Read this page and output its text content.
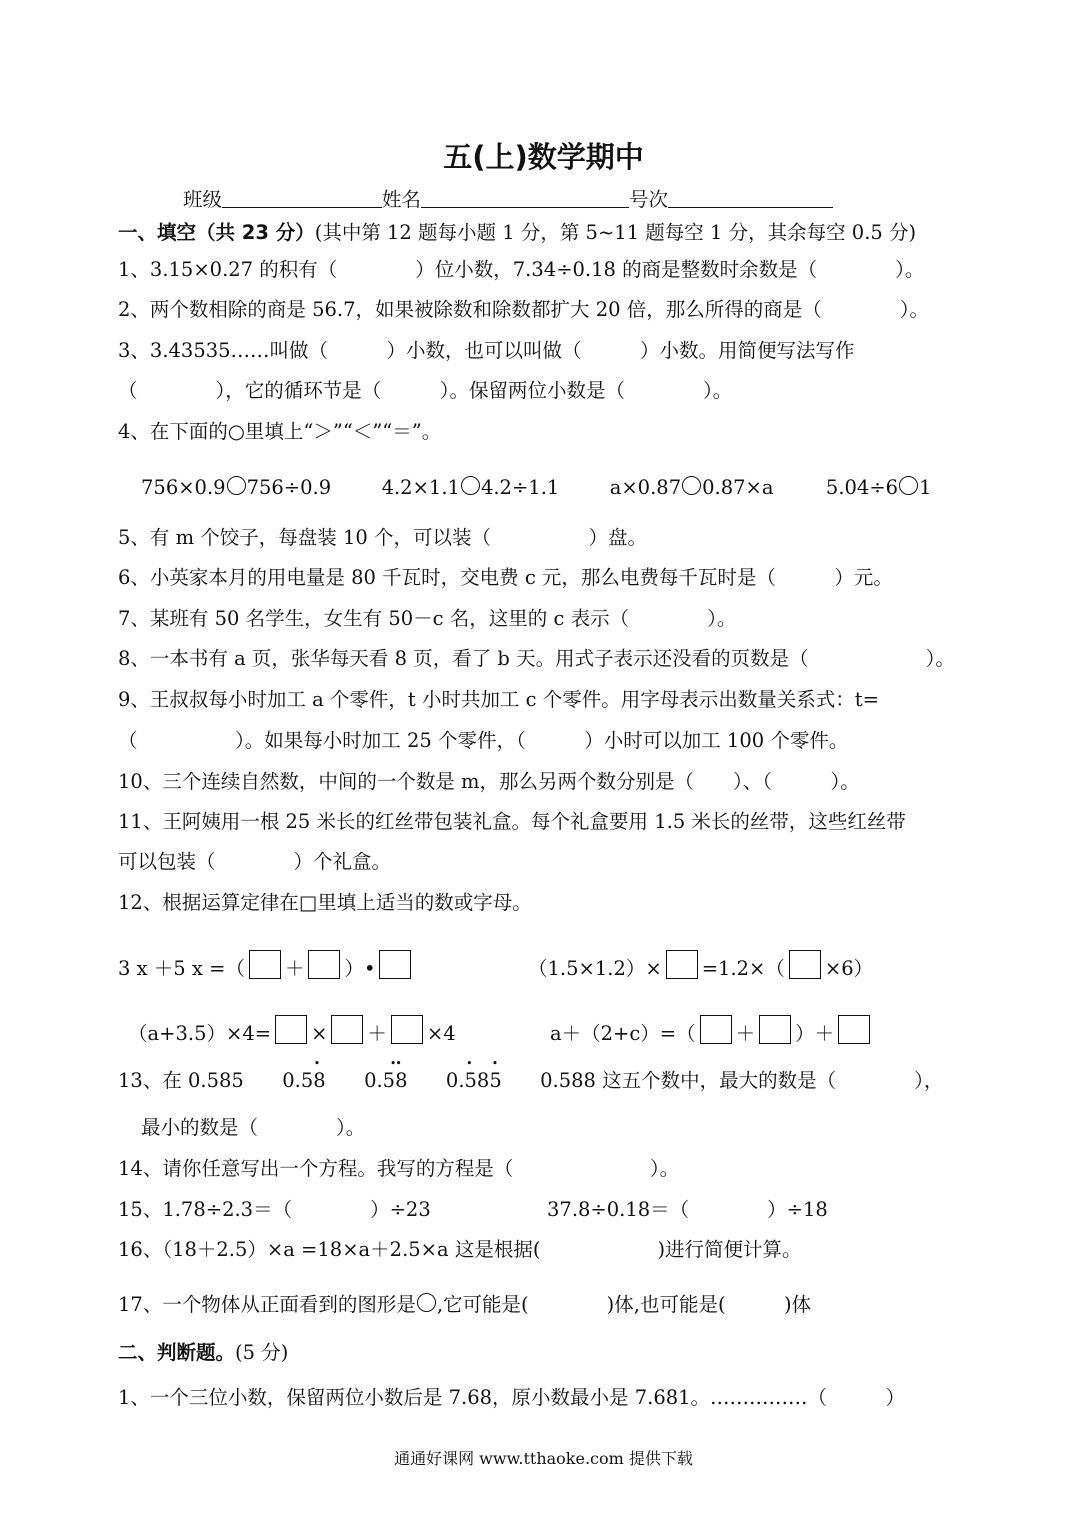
五(上)数学期中
班级	姓名	号次
一、填空（共 23 分）(其中第 12 题每小题 1 分，第 5~11 题每空 1 分，其余每空 0.5 分)
1、3.15×0.27 的积有（　　　　）位小数，7.34÷0.18 的商是整数时余数是（　　　　）。
2、两个数相除的商是 56.7，如果被除数和除数都扩大 20 倍，那么所得的商是（　　　　）。
3、3.43535……叫做（　　　）小数，也可以叫做（　　　）小数。用简便写法写作
（　　　　），它的循环节是（　　　）。保留两位小数是（　　　　）。
4、在下面的○里填上“＞”“＜”“＝”。
756×0.9 756÷0.9	4.2×1.1 4.2÷1.1	a×0.87 0.87×a	5.04÷6 1
5、有 m 个饺子，每盘装 10 个，可以装（　　　　　）盘。
6、小英家本月的用电量是 80 千瓦时，交电费 c 元，那么电费每千瓦时是（　　　）元。
7、某班有 50 名学生，女生有 50－c 名，这里的 c 表示（　　　　）。
8、一本书有 a 页，张华每天看 8 页，看了 b 天。用式子表示还没看的页数是（　　　　　　）。
9、王叔叔每小时加工 a 个零件，t 小时共加工 c 个零件。用字母表示出数量关系式：t=
（　　　　　）。如果每小时加工 25 个零件，（　　　）小时可以加工 100 个零件。
10、三个连续自然数，中间的一个数是 m，那么另两个数分别是（　　）、（　　　）。
11、王阿姨用一根 25 米长的红丝带包装礼盒。每个礼盒要用 1.5 米长的丝带，这些红丝带
可以包装（　　　　）个礼盒。
12、根据运算定律在□里填上适当的数或字母。
3 x ＋5 x =（ ＋ ）•	（1.5×1.2）× =1.2×（ ×6）
（a+3.5）×4= × ＋ ×4	a＋（2+c）=（ ＋ ）＋
13、在 0.585 0.58
•
0.58
••
0.585
• •
0.588 这五个数中，最大的数是（　　　　），
最小的数是（　　　　）。
14、请你任意写出一个方程。我写的方程是（　　　　　　　）。
15、1.78÷2.3＝（　　　　）÷23	37.8÷0.18＝（　　　　）÷18
16、（18＋2.5）×a =18×a＋2.5×a 这是根据(　　　　　　)进行简便计算。
17、一个物体从正面看到的图形是 ,它可能是(　　　　)体,也可能是(　　　)体
二、判断题。(5 分)
1、一个三位小数，保留两位小数后是 7.68，原小数最小是 7.681。……………（　　　）
通通好课网 www.tthaoke.com 提供下载
